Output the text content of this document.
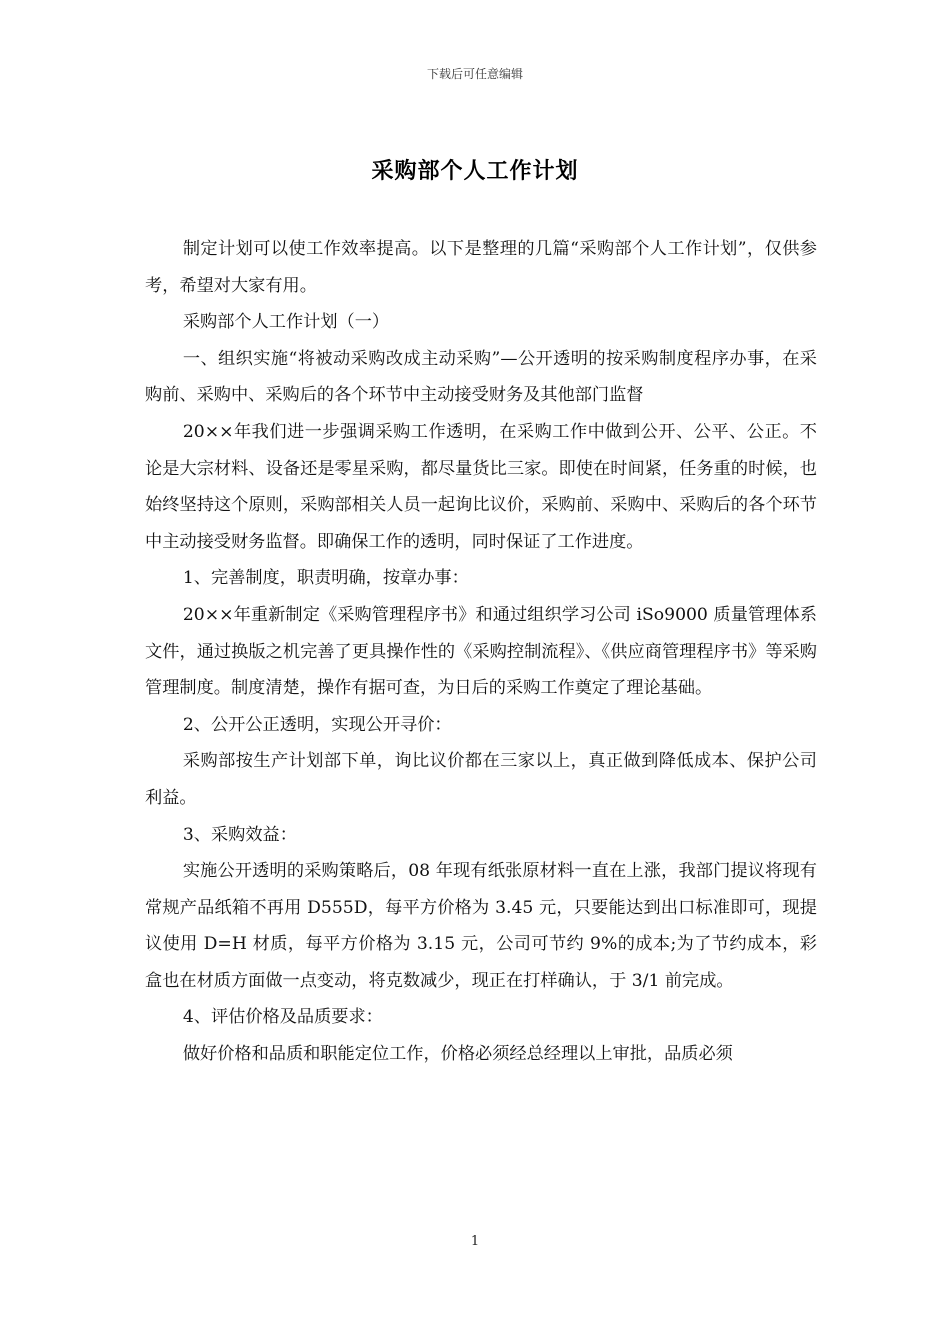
下载后可任意编辑
采购部个人工作计划

制定计划可以使工作效率提高。以下是整理的几篇“采购部个人工作计划”，仅供参考，希望对大家有用。

采购部个人工作计划（一）

一、组织实施“将被动采购改成主动采购”—公开透明的按采购制度程序办事，在采购前、采购中、采购后的各个环节中主动接受财务及其他部门监督

20××年我们进一步强调采购工作透明，在采购工作中做到公开、公平、公正。不论是大宗材料、设备还是零星采购，都尽量货比三家。即使在时间紧，任务重的时候，也始终坚持这个原则，采购部相关人员一起询比议价，采购前、采购中、采购后的各个环节中主动接受财务监督。即确保工作的透明，同时保证了工作进度。

1、完善制度，职责明确，按章办事：

20××年重新制定《采购管理程序书》和通过组织学习公司 iSo9000 质量管理体系文件，通过换版之机完善了更具操作性的《采购控制流程》、《供应商管理程序书》等采购管理制度。制度清楚，操作有据可查，为日后的采购工作奠定了理论基础。

2、公开公正透明，实现公开寻价：

采购部按生产计划部下单，询比议价都在三家以上，真正做到降低成本、保护公司利益。

3、采购效益：

实施公开透明的采购策略后，08 年现有纸张原材料一直在上涨，我部门提议将现有常规产品纸箱不再用 D555D，每平方价格为 3.45 元，只要能达到出口标准即可，现提议使用 D=H 材质，每平方价格为 3.15 元，公司可节约 9%的成本;为了节约成本，彩盒也在材质方面做一点变动，将克数减少，现正在打样确认，于 3/1 前完成。

4、评估价格及品质要求：

做好价格和品质和职能定位工作，价格必须经总经理以上审批，品质必须

1
